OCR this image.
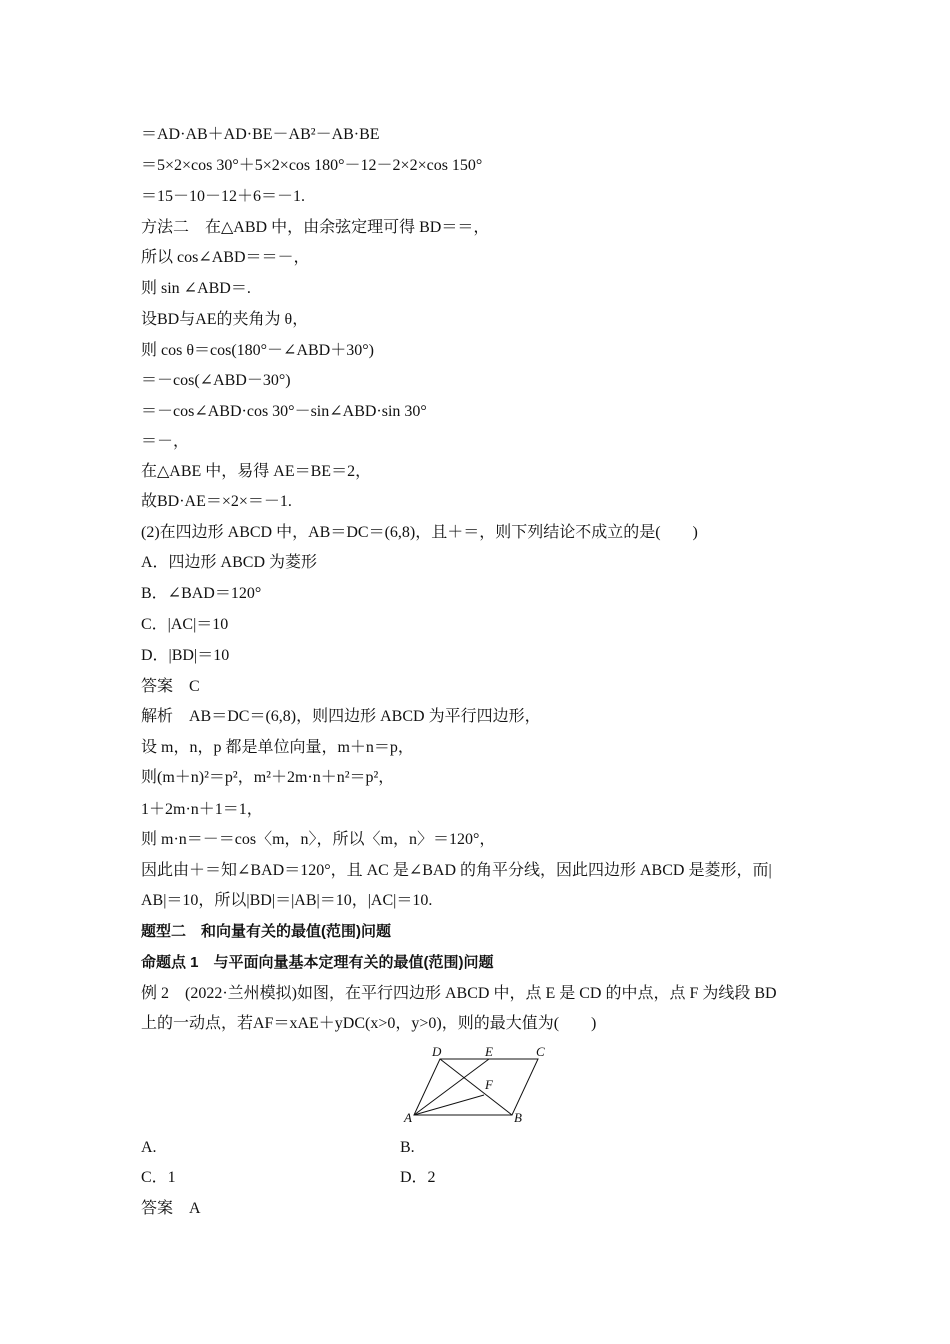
＝AD·AB＋AD·BE－AB²－AB·BE
＝5×2×cos 30°＋5×2×cos 180°－12－2×2×cos 150°
＝15－10－12＋6＝－1.
方法二　在△ABD 中，由余弦定理可得 BD＝＝，
所以 cos∠ABD＝＝－，
则 sin ∠ABD＝.
设BD与AE的夹角为 θ，
则 cos θ＝cos(180°－∠ABD＋30°)
＝－cos(∠ABD－30°)
＝－cos∠ABD·cos 30°－sin∠ABD·sin 30°
＝－，
在△ABE 中，易得 AE＝BE＝2，
故BD·AE＝×2×＝－1.
(2)在四边形 ABCD 中，AB＝DC＝(6,8)，且＋＝，则下列结论不成立的是(　　)
A．四边形 ABCD 为菱形
B．∠BAD＝120°
C．|AC|＝10
D．|BD|＝10
答案　C
解析　AB＝DC＝(6,8)，则四边形 ABCD 为平行四边形，
设 m，n，p 都是单位向量，m＋n＝p，
则(m＋n)²＝p²，m²＋2m·n＋n²＝p²，
1＋2m·n＋1＝1，
则 m·n＝－＝cos〈m，n〉，所以〈m，n〉＝120°，
因此由＋＝知∠BAD＝120°，且 AC 是∠BAD 的角平分线，因此四边形 ABCD 是菱形，而|
AB|＝10，所以|BD|＝|AB|＝10，|AC|＝10.
题型二　和向量有关的最值(范围)问题
命题点 1　与平面向量基本定理有关的最值(范围)问题
例 2　(2022·兰州模拟)如图，在平行四边形 ABCD 中，点 E 是 CD 的中点，点 F 为线段 BD
上的一动点，若AF＝xAE＋yDC(x>0，y>0)，则的最大值为(　　)
D	E	C
F
A	B
A.	B.
C．1	D．2
答案　A
